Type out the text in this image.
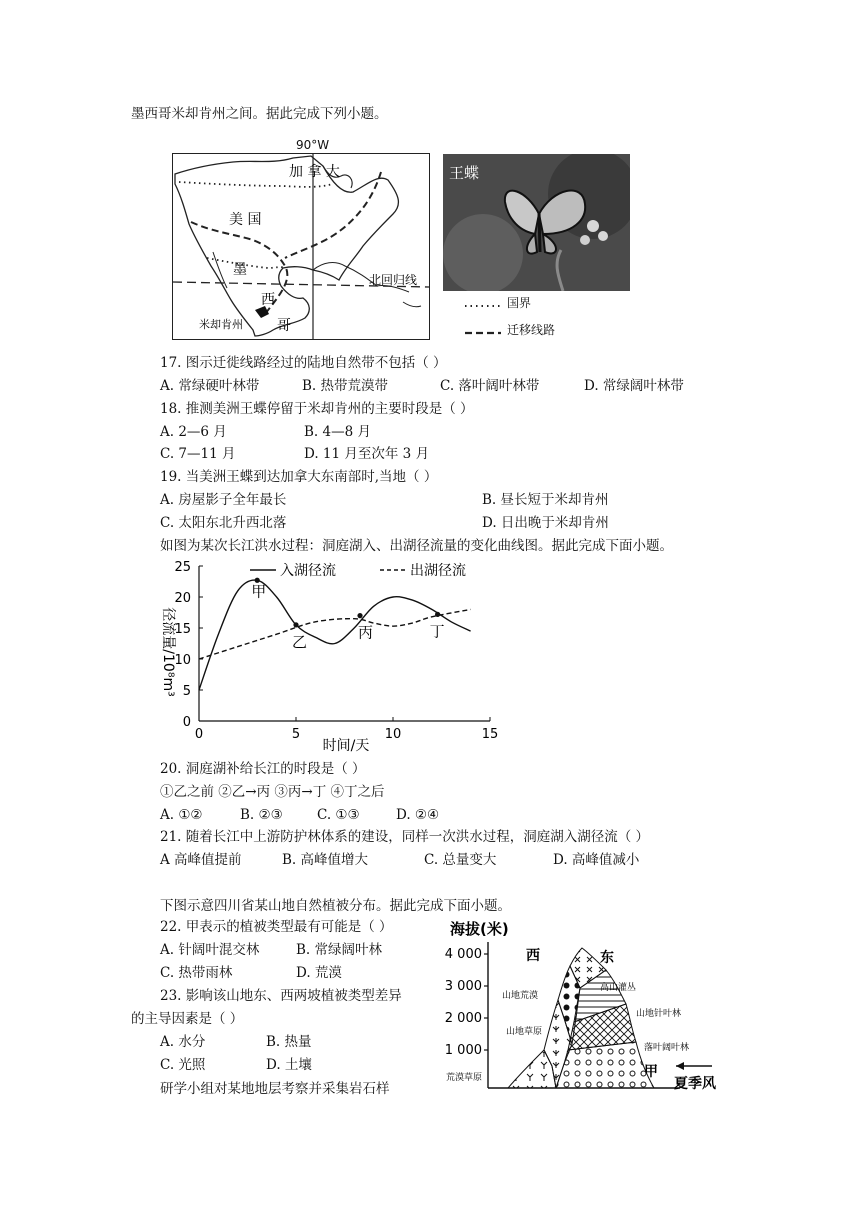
墨西哥米却肯州之间。据此完成下列小题。
90°W
加 拿 大
美 国
墨
西
哥
北回归线
米却肯州
王蝶
国界
迁移线路
17. 图示迁徙线路经过的陆地自然带不包括（ ）
A. 常绿硬叶林带	B. 热带荒漠带	C. 落叶阔叶林带	D. 常绿阔叶林带
18. 推测美洲王蝶停留于米却肯州的主要时段是（ ）
A. 2—6 月	B. 4—8 月
C. 7—11 月	D. 11 月至次年 3 月
19. 当美洲王蝶到达加拿大东南部时,当地（ ）
A. 房屋影子全年最长	B. 昼长短于米却肯州
C. 太阳东北升西北落	D. 日出晚于米却肯州
如图为某次长江洪水过程：洞庭湖入、出湖径流量的变化曲线图。据此完成下面小题。
甲
乙
丙	丁
0	5	10	15
0
5
10
15
20
25	入湖径流	出湖径流
径流量/10⁸m³
时间/天
20. 洞庭湖补给长江的时段是（ ）
①乙之前 ②乙→丙 ③丙→丁 ④丁之后
A. ①②	B. ②③	C. ①③	D. ②④
21. 随着长江中上游防护林体系的建设，同样一次洪水过程，洞庭湖入湖径流（ ）
A 高峰值提前	B. 高峰值增大	C. 总量变大	D. 高峰值减小
下图示意四川省某山地自然植被分布。据此完成下面小题。
22. 甲表示的植被类型最有可能是（ ）
A. 针阔叶混交林	B. 常绿阔叶林
C. 热带雨林	D. 荒漠
23. 影响该山地东、西两坡植被类型差异
的主导因素是（ ）
A. 水分	B. 热量
C. 光照	D. 土壤
研学小组对某地地层考察并采集岩石样
海拔(米)
4 000
3 000
2 000
1 000
西	东
高山灌丛
山地荒漠
山地针叶林
山地草原
落叶阔叶林
荒漠草原	甲
夏季风
